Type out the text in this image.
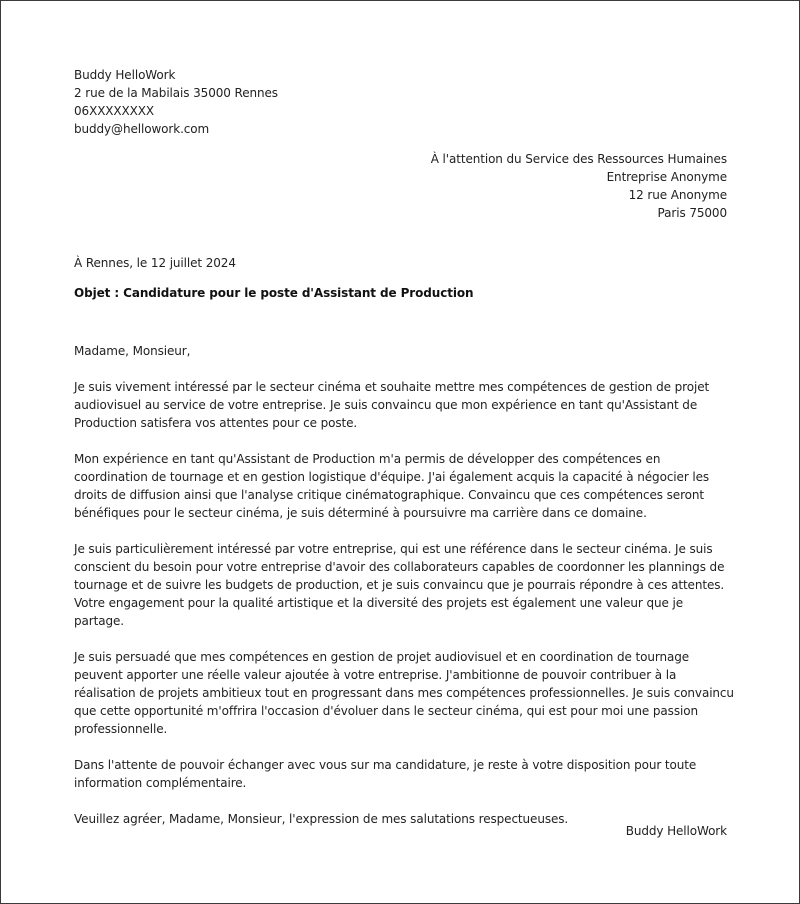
Buddy HelloWork
2 rue de la Mabilais 35000 Rennes
06XXXXXXXX
buddy@hellowork.com
À l'attention du Service des Ressources Humaines
Entreprise Anonyme
12 rue Anonyme
Paris 75000
À Rennes, le 12 juillet 2024
Objet : Candidature pour le poste d'Assistant de Production

Madame, Monsieur,

Je suis vivement intéressé par le secteur cinéma et souhaite mettre mes compétences de gestion de projet audiovisuel au service de votre entreprise. Je suis convaincu que mon expérience en tant qu'Assistant de Production satisfera vos attentes pour ce poste.

Mon expérience en tant qu'Assistant de Production m'a permis de développer des compétences en coordination de tournage et en gestion logistique d'équipe. J'ai également acquis la capacité à négocier les droits de diffusion ainsi que l'analyse critique cinématographique. Convaincu que ces compétences seront bénéfiques pour le secteur cinéma, je suis déterminé à poursuivre ma carrière dans ce domaine.

Je suis particulièrement intéressé par votre entreprise, qui est une référence dans le secteur cinéma. Je suis conscient du besoin pour votre entreprise d'avoir des collaborateurs capables de coordonner les plannings de tournage et de suivre les budgets de production, et je suis convaincu que je pourrais répondre à ces attentes. Votre engagement pour la qualité artistique et la diversité des projets est également une valeur que je partage.

Je suis persuadé que mes compétences en gestion de projet audiovisuel et en coordination de tournage peuvent apporter une réelle valeur ajoutée à votre entreprise. J'ambitionne de pouvoir contribuer à la réalisation de projets ambitieux tout en progressant dans mes compétences professionnelles. Je suis convaincu que cette opportunité m'offrira l'occasion d'évoluer dans le secteur cinéma, qui est pour moi une passion professionnelle.

Dans l'attente de pouvoir échanger avec vous sur ma candidature, je reste à votre disposition pour toute information complémentaire.

Veuillez agréer, Madame, Monsieur, l'expression de mes salutations respectueuses.

Buddy HelloWork
